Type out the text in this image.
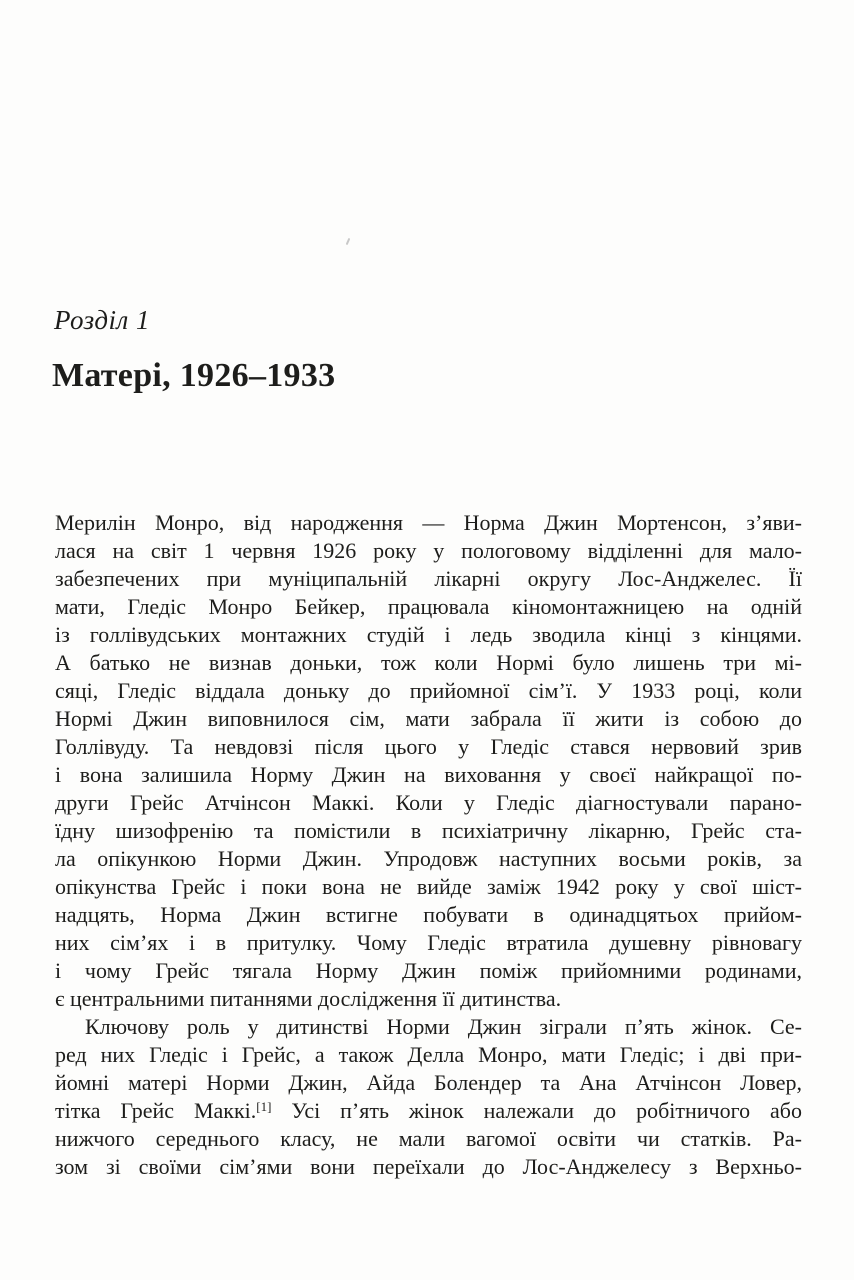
Розділ 1
Матері, 1926–1933
Мерилін Монро, від народження — Норма Джин Мортенсон, з’яви-
лася на світ 1 червня 1926 року у пологовому відділенні для мало-
забезпечених при муніципальній лікарні округу Лос-Анджелес. Її
мати, Гледіс Монро Бейкер, працювала кіномонтажницею на одній
із голлівудських монтажних студій і ледь зводила кінці з кінцями.
А батько не визнав доньки, тож коли Нормі було лишень три мі-
сяці, Гледіс віддала доньку до прийомної сім’ї. У 1933 році, коли
Нормі Джин виповнилося сім, мати забрала її жити із собою до
Голлівуду. Та невдовзі після цього у Гледіс стався нервовий зрив
і вона залишила Норму Джин на виховання у своєї найкращої по-
други Грейс Атчінсон Маккі. Коли у Гледіс діагностували парано-
їдну шизофренію та помістили в психіатричну лікарню, Грейс ста-
ла опікункою Норми Джин. Упродовж наступних восьми років, за
опікунства Грейс і поки вона не вийде заміж 1942 року у свої шіст-
надцять, Норма Джин встигне побувати в одинадцятьох прийом-
них сім’ях і в притулку. Чому Гледіс втратила душевну рівновагу
і чому Грейс тягала Норму Джин поміж прийомними родинами,
є центральними питаннями дослідження її дитинства.
Ключову роль у дитинстві Норми Джин зіграли п’ять жінок. Се-
ред них Гледіс і Грейс, а також Делла Монро, мати Гледіс; і дві при-
йомні матері Норми Джин, Айда Болендер та Ана Атчінсон Ловер,
тітка Грейс Маккі.[1] Усі п’ять жінок належали до робітничого або
нижчого середнього класу, не мали вагомої освіти чи статків. Ра-
зом зі своїми сім’ями вони переїхали до Лос-Анджелесу з Верхньо-
